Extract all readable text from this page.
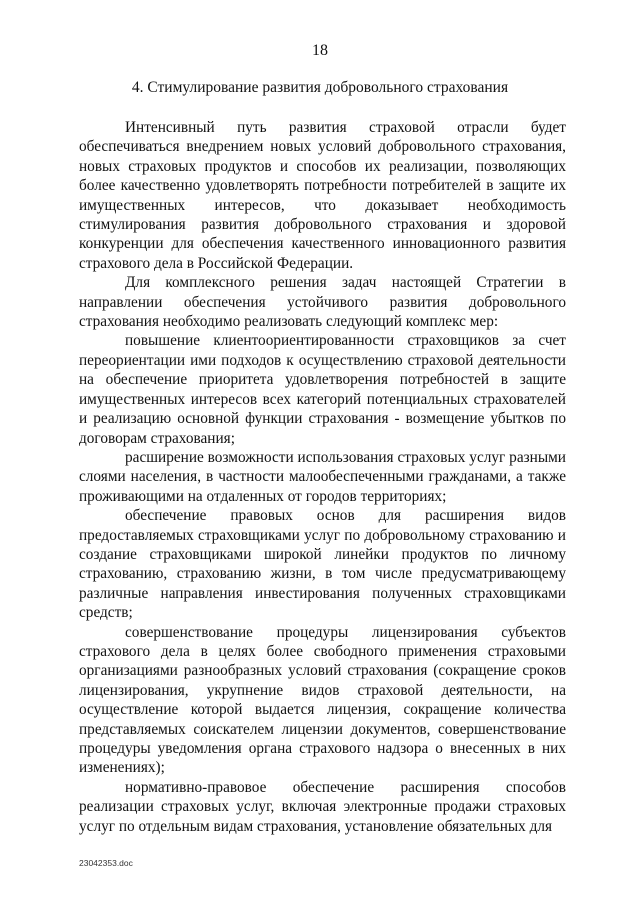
18
4. Стимулирование развития добровольного страхования

Интенсивный путь развития страховой отрасли будет обеспечиваться внедрением новых условий добровольного страхования, новых страховых продуктов и способов их реализации, позволяющих более качественно удовлетворять потребности потребителей в защите их имущественных интересов, что доказывает необходимость стимулирования развития добровольного страхования и здоровой конкуренции для обеспечения качественного инновационного развития страхового дела в Российской Федерации.

Для комплексного решения задач настоящей Стратегии в направлении обеспечения устойчивого развития добровольного страхования необходимо реализовать следующий комплекс мер:

повышение клиентоориентированности страховщиков за счет переориентации ими подходов к осуществлению страховой деятельности на обеспечение приоритета удовлетворения потребностей в защите имущественных интересов всех категорий потенциальных страхователей и реализацию основной функции страхования - возмещение убытков по договорам страхования;

расширение возможности использования страховых услуг разными слоями населения, в частности малообеспеченными гражданами, а также проживающими на отдаленных от городов территориях;

обеспечение правовых основ для расширения видов предоставляемых страховщиками услуг по добровольному страхованию и создание страховщиками широкой линейки продуктов по личному страхованию, страхованию жизни, в том числе предусматривающему различные направления инвестирования полученных страховщиками средств;

совершенствование процедуры лицензирования субъектов страхового дела в целях более свободного применения страховыми организациями разнообразных условий страхования (сокращение сроков лицензирования, укрупнение видов страховой деятельности, на осуществление которой выдается лицензия, сокращение количества представляемых соискателем лицензии документов, совершенствование процедуры уведомления органа страхового надзора о внесенных в них изменениях);

нормативно-правовое обеспечение расширения способов реализации страховых услуг, включая электронные продажи страховых услуг по отдельным видам страхования, установление обязательных для

23042353.doc
